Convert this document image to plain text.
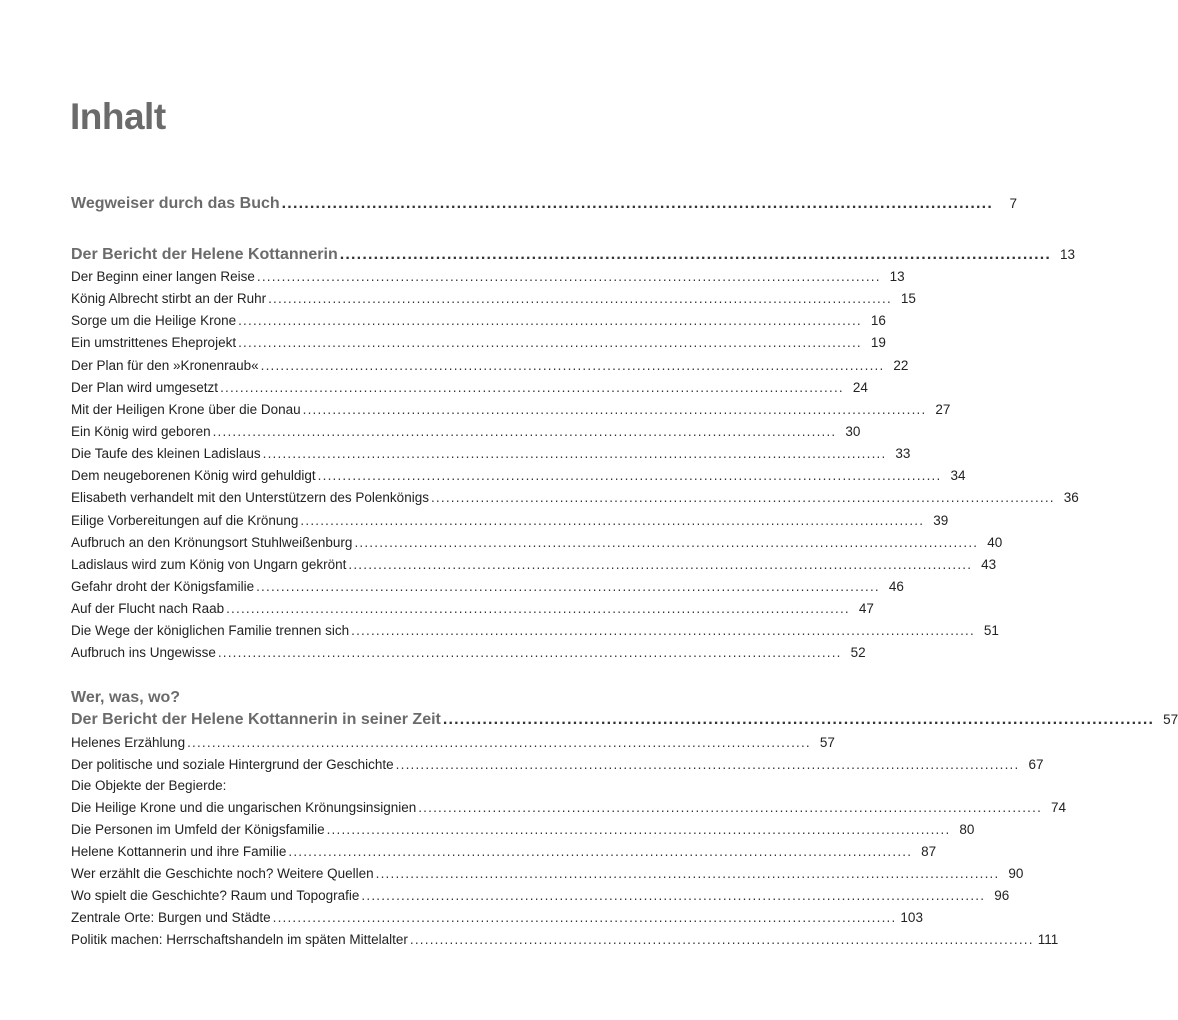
Inhalt
Wegweiser durch das Buch ..............................................................................................................................	7
Der Bericht der Helene Kottannerin .............................................................................................................................. 13
Der Beginn einer langen Reise .............................................................................................................................. 13
König Albrecht stirbt an der Ruhr .............................................................................................................................. 15
Sorge um die Heilige Krone .............................................................................................................................. 16
Ein umstrittenes Eheprojekt .............................................................................................................................. 19
Der Plan für den »Kronenraub« .............................................................................................................................. 22
Der Plan wird umgesetzt .............................................................................................................................. 24
Mit der Heiligen Krone über die Donau .............................................................................................................................. 27
Ein König wird geboren .............................................................................................................................. 30
Die Taufe des kleinen Ladislaus .............................................................................................................................. 33
Dem neugeborenen König wird gehuldigt .............................................................................................................................. 34
Elisabeth verhandelt mit den Unterstützern des Polenkönigs .............................................................................................................................. 36
Eilige Vorbereitungen auf die Krönung .............................................................................................................................. 39
Aufbruch an den Krönungsort Stuhlweißenburg .............................................................................................................................. 40
Ladislaus wird zum König von Ungarn gekrönt .............................................................................................................................. 43
Gefahr droht der Königsfamilie .............................................................................................................................. 46
Auf der Flucht nach Raab .............................................................................................................................. 47
Die Wege der königlichen Familie trennen sich .............................................................................................................................. 51
Aufbruch ins Ungewisse .............................................................................................................................. 52
Wer, was, wo?
Der Bericht der Helene Kottannerin in seiner Zeit .............................................................................................................................. 57
Helenes Erzählung .............................................................................................................................. 57
Der politische und soziale Hintergrund der Geschichte .............................................................................................................................. 67
Die Objekte der Begierde:
Die Heilige Krone und die ungarischen Krönungsinsignien .............................................................................................................................. 74
Die Personen im Umfeld der Königsfamilie .............................................................................................................................. 80
Helene Kottannerin und ihre Familie .............................................................................................................................. 87
Wer erzählt die Geschichte noch? Weitere Quellen .............................................................................................................................. 90
Wo spielt die Geschichte? Raum und Topografie .............................................................................................................................. 96
Zentrale Orte: Burgen und Städte .............................................................................................................................. 103
Politik machen: Herrschaftshandeln im späten Mittelalter .............................................................................................................................. 111
